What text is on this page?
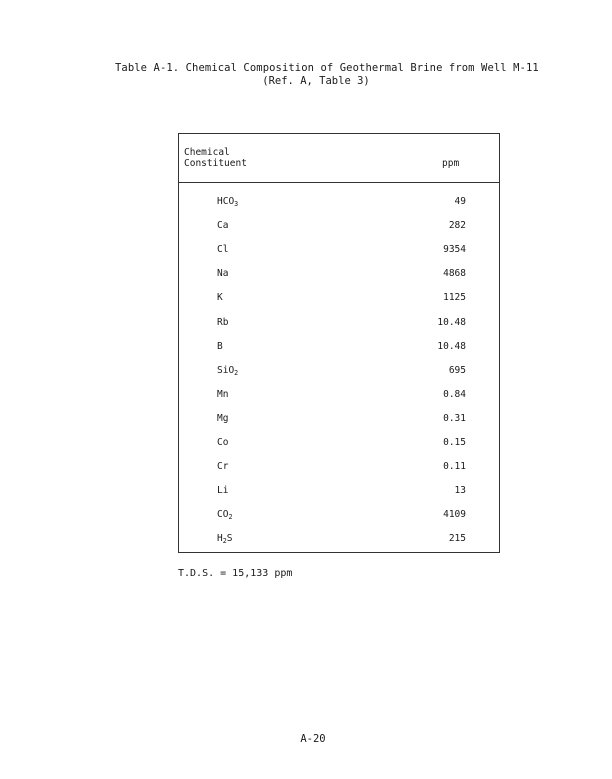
Table A-1. Chemical Composition of Geothermal Brine from Well M-11
(Ref. A, Table 3)
Chemical
Constituent	ppm
$HCO_3$	49
Ca	282
Cl	9354
Na	4868
K	1125
Rb	10.48
B	10.48
SiO$_2$	695
Mn	0.84
Mg	0.31
Co	0.15
Cr	0.11
Li	13
$CO_2$	4109
$H_2S$	215
T.D.S. = 15,133 ppm
A-20
